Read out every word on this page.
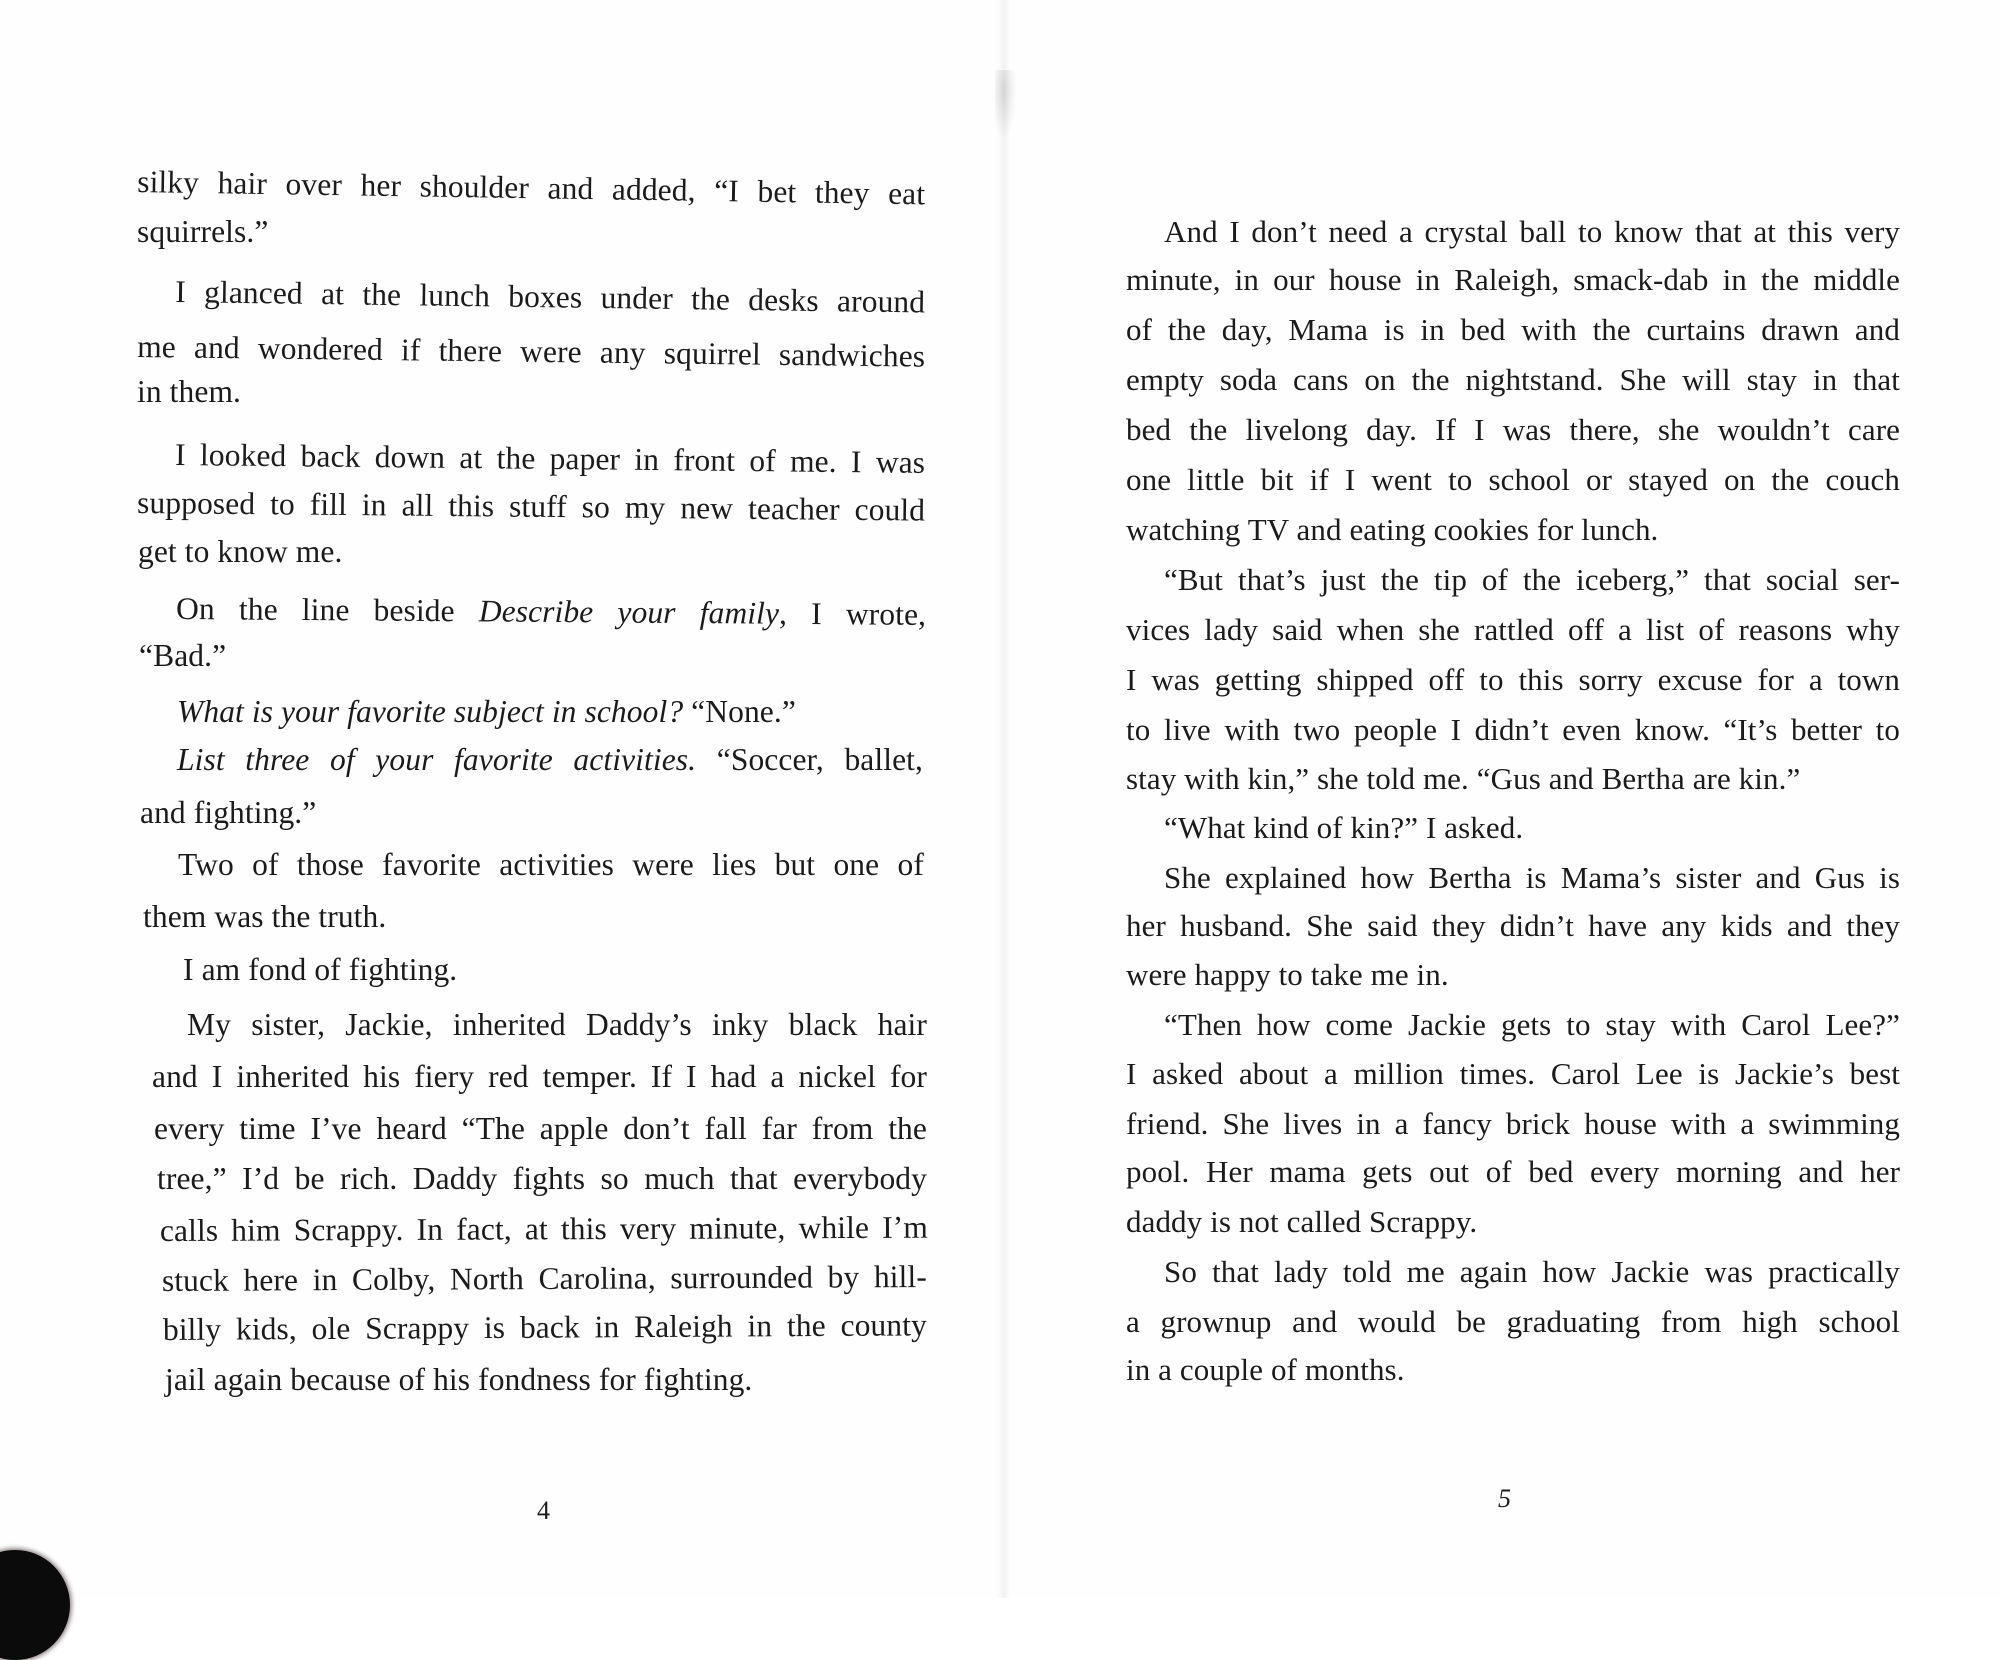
silky hair over her shoulder and added, “I bet they eat
squirrels.”
I glanced at the lunch boxes under the desks around
me and wondered if there were any squirrel sandwiches
in them.
I looked back down at the paper in front of me. I was
supposed to fill in all this stuff so my new teacher could
get to know me.
On the line beside Describe your family, I wrote,
“Bad.”
What is your favorite subject in school? “None.”
List three of your favorite activities. “Soccer, ballet,
and fighting.”
Two of those favorite activities were lies but one of
them was the truth.
I am fond of fighting.
My sister, Jackie, inherited Daddy’s inky black hair
and I inherited his fiery red temper. If I had a nickel for
every time I’ve heard “The apple don’t fall far from the
tree,” I’d be rich. Daddy fights so much that everybody
calls him Scrappy. In fact, at this very minute, while I’m
stuck here in Colby, North Carolina, surrounded by hill-
billy kids, ole Scrappy is back in Raleigh in the county
jail again because of his fondness for fighting.
4
And I don’t need a crystal ball to know that at this very
minute, in our house in Raleigh, smack-dab in the middle
of the day, Mama is in bed with the curtains drawn and
empty soda cans on the nightstand. She will stay in that
bed the livelong day. If I was there, she wouldn’t care
one little bit if I went to school or stayed on the couch
watching TV and eating cookies for lunch.
“But that’s just the tip of the iceberg,” that social ser-
vices lady said when she rattled off a list of reasons why
I was getting shipped off to this sorry excuse for a town
to live with two people I didn’t even know. “It’s better to
stay with kin,” she told me. “Gus and Bertha are kin.”
“What kind of kin?” I asked.
She explained how Bertha is Mama’s sister and Gus is
her husband. She said they didn’t have any kids and they
were happy to take me in.
“Then how come Jackie gets to stay with Carol Lee?”
I asked about a million times. Carol Lee is Jackie’s best
friend. She lives in a fancy brick house with a swimming
pool. Her mama gets out of bed every morning and her
daddy is not called Scrappy.
So that lady told me again how Jackie was practically
a grownup and would be graduating from high school
in a couple of months.
5
